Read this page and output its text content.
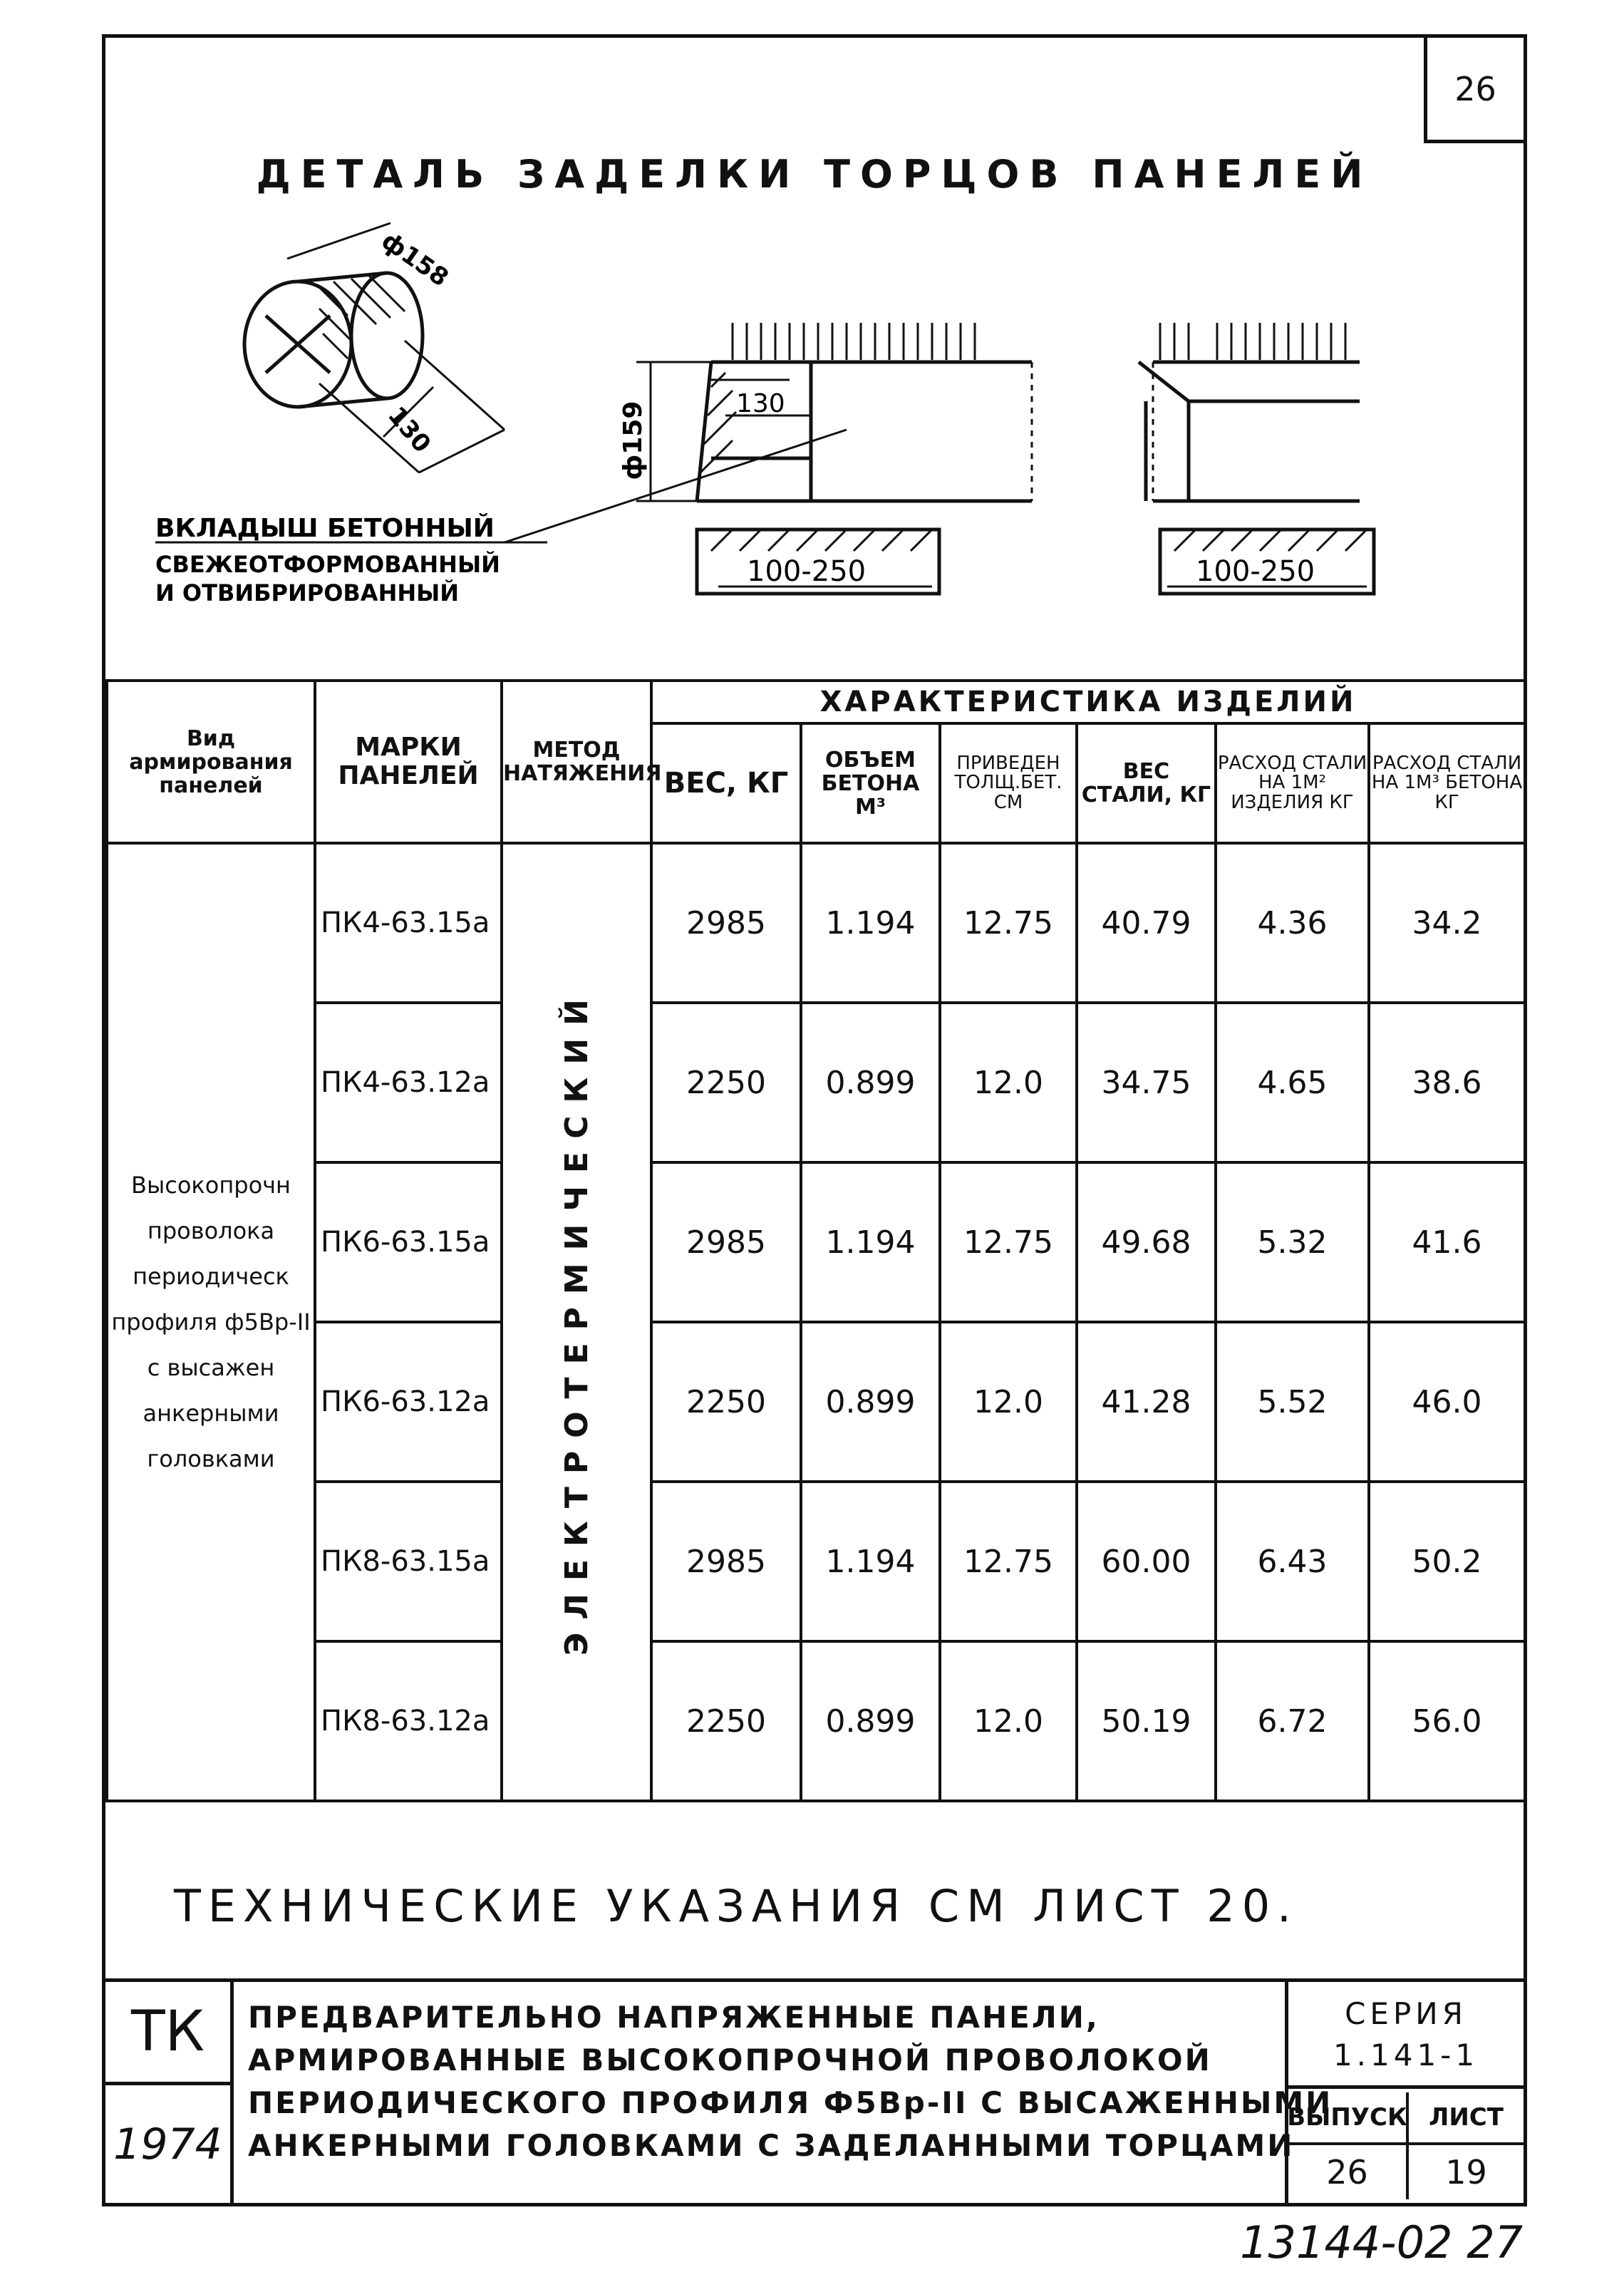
26
ДЕТАЛЬ ЗАДЕЛКИ ТОРЦОВ ПАНЕЛЕЙ
ф158
130
ВКЛАДЫШ БЕТОННЫЙ
СВЕЖЕОТФОРМОВАННЫЙ
И ОТВИБРИРОВАННЫЙ
ф159	130
100-250	100-250
Вид армирования панелей	МАРКИ ПАНЕЛЕЙ	МЕТОД НАТЯЖЕНИЯ	ХАРАКТЕРИСТИКА ИЗДЕЛИЙ					
			ВЕС, КГ	ОБЪЕМ БЕТОНА М³	ПРИВЕДЕН ТОЛЩ.БЕТ. СМ	ВЕС СТАЛИ, КГ	РАСХОД СТАЛИ НА 1М² ИЗДЕЛИЯ КГ	РАСХОД СТАЛИ НА 1М³ БЕТОНА КГ
Высокопрочн проволока периодическ профиля ф5Вр-II с высажен анкерными головками	ПК4-63.15а	ЭЛЕКТРОТЕРМИЧЕСКИЙ	2985	1.194	12.75	40.79	4.36	34.2
	ПК4-63.12а		2250	0.899	12.0	34.75	4.65	38.6
	ПК6-63.15а		2985	1.194	12.75	49.68	5.32	41.6
	ПК6-63.12а		2250	0.899	12.0	41.28	5.52	46.0
	ПК8-63.15а		2985	1.194	12.75	60.00	6.43	50.2
	ПК8-63.12а		2250	0.899	12.0	50.19	6.72	56.0
ТЕХНИЧЕСКИЕ УКАЗАНИЯ СМ ЛИСТ 20.
ТК
1974
ПРЕДВАРИТЕЛЬНО НАПРЯЖЕННЫЕ ПАНЕЛИ, АРМИРОВАННЫЕ ВЫСОКОПРОЧНОЙ ПРОВОЛОКОЙ ПЕРИОДИЧЕСКОГО ПРОФИЛЯ Ф5Вр-II С ВЫСАЖЕННЫМИ АНКЕРНЫМИ ГОЛОВКАМИ С ЗАДЕЛАННЫМИ ТОРЦАМИ
СЕРИЯ
1.141-1
ВЫПУСК ЛИСТ
26	19
13144-02 27
